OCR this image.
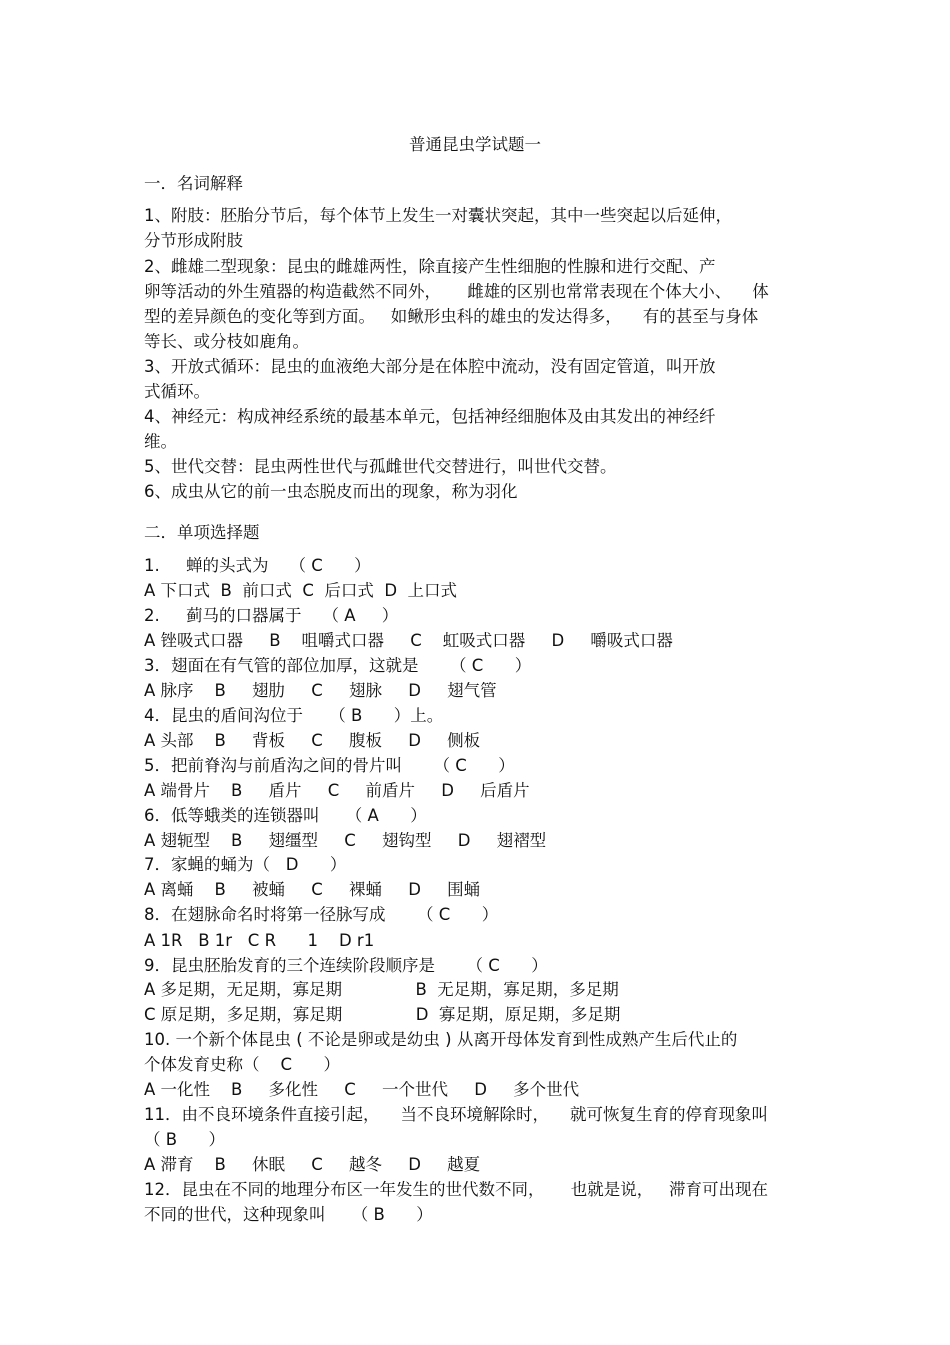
普通昆虫学试题一
一．名词解释
1、附肢：胚胎分节后，每个体节上发生一对囊状突起，其中一些突起以后延伸，
分节形成附肢
2、雌雄二型现象：昆虫的雌雄两性，除直接产生性细胞的性腺和进行交配、产
卵等活动的外生殖器的构造截然不同外，     雌雄的区别也常常表现在个体大小、    体
型的差异颜色的变化等到方面。   如鳅形虫科的雄虫的发达得多，    有的甚至与身体
等长、或分枝如鹿角。
3、开放式循环：昆虫的血液绝大部分是在体腔中流动，没有固定管道，叫开放
式循环。
4、神经元：构成神经系统的最基本单元，包括神经细胞体及由其发出的神经纤
维。
5、世代交替：昆虫两性世代与孤雌世代交替进行，叫世代交替。
6、成虫从它的前一虫态脱皮而出的现象，称为羽化
二．单项选择题
1.     蝉的头式为    （ C      ）
A 下口式  B  前口式  C  后口式  D  上口式
2.     蓟马的口器属于    （ A     ）
A 锉吸式口器     B    咀嚼式口器     C    虹吸式口器     D     嚼吸式口器
3．翅面在有气管的部位加厚，这就是      （ C      ）
A 脉序    B     翅肋     C     翅脉     D     翅气管
4．昆虫的盾间沟位于     （ B      ）上。
A 头部    B     背板     C     腹板     D     侧板
5．把前脊沟与前盾沟之间的骨片叫      （ C      ）
A 端骨片    B     盾片     C     前盾片     D     后盾片
6．低等蛾类的连锁器叫     （ A      ）
A 翅轭型    B     翅缰型     C     翅钩型     D     翅褶型
7．家蝇的蛹为（   D      ）
A 离蛹    B     被蛹     C     裸蛹     D     围蛹
8．在翅脉命名时将第一径脉写成      （ C      ）
A 1R   B 1r   C R      1    D r1
9．昆虫胚胎发育的三个连续阶段顺序是      （ C      ）
A 多足期，无足期，寡足期              B  无足期，寡足期，多足期
C 原足期，多足期，寡足期              D  寡足期，原足期，多足期
10. 一个新个体昆虫 ( 不论是卵或是幼虫 ) 从离开母体发育到性成熟产生后代止的
个体发育史称（    C      ）
A 一化性    B     多化性     C     一个世代     D     多个世代
11．由不良环境条件直接引起，    当不良环境解除时，    就可恢复生育的停育现象叫
（ B      ）
A 滞育    B     休眠     C     越冬     D     越夏
12．昆虫在不同的地理分布区一年发生的世代数不同，     也就是说，   滞育可出现在
不同的世代，这种现象叫     （ B      ）
